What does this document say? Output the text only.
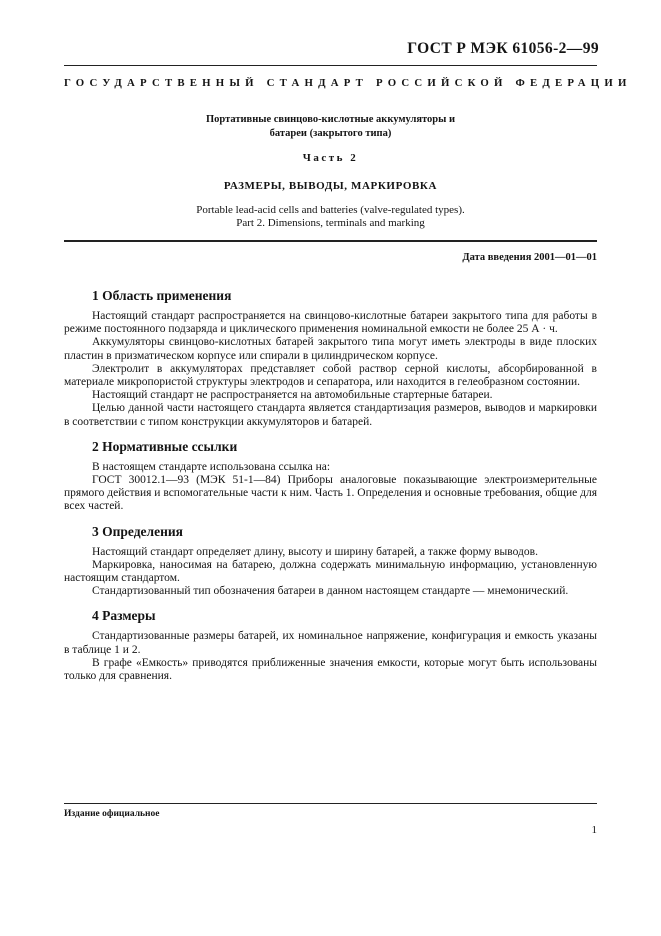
ГОСТ Р МЭК 61056-2—99
ГОСУДАРСТВЕННЫЙ СТАНДАРТ РОССИЙСКОЙ ФЕДЕРАЦИИ
Портативные свинцово-кислотные аккумуляторы и
батареи (закрытого типа)
Часть 2
РАЗМЕРЫ, ВЫВОДЫ, МАРКИРОВКА
Portable lead-acid cells and batteries (valve-regulated types).
Part 2. Dimensions, terminals and marking
Дата введения 2001—01—01
1 Область применения

Настоящий стандарт распространяется на свинцово-кислотные батареи закрытого типа для работы в режиме постоянного подзаряда и циклического применения номинальной емкости не более 25 А · ч.

Аккумуляторы свинцово-кислотных батарей закрытого типа могут иметь электроды в виде плоских пластин в призматическом корпусе или спирали в цилиндрическом корпусе.

Электролит в аккумуляторах представляет собой раствор серной кислоты, абсорбированной в материале микропористой структуры электродов и сепаратора, или находится в гелеобразном состоянии.

Настоящий стандарт не распространяется на автомобильные стартерные батареи.

Целью данной части настоящего стандарта является стандартизация размеров, выводов и маркировки в соответствии с типом конструкции аккумуляторов и батарей.

2 Нормативные ссылки

В настоящем стандарте использована ссылка на:

ГОСТ 30012.1—93 (МЭК 51-1—84) Приборы аналоговые показывающие электроизмерительные прямого действия и вспомогательные части к ним. Часть 1. Определения и основные требования, общие для всех частей.

3 Определения

Настоящий стандарт определяет длину, высоту и ширину батарей, а также форму выводов.

Маркировка, наносимая на батарею, должна содержать минимальную информацию, установленную настоящим стандартом.

Стандартизованный тип обозначения батареи в данном настоящем стандарте — мнемонический.

4 Размеры

Стандартизованные размеры батарей, их номинальное напряжение, конфигурация и емкость указаны в таблице 1 и 2.

В графе «Емкость» приводятся приближенные значения емкости, которые могут быть использованы только для сравнения.

Издание официальное
1
